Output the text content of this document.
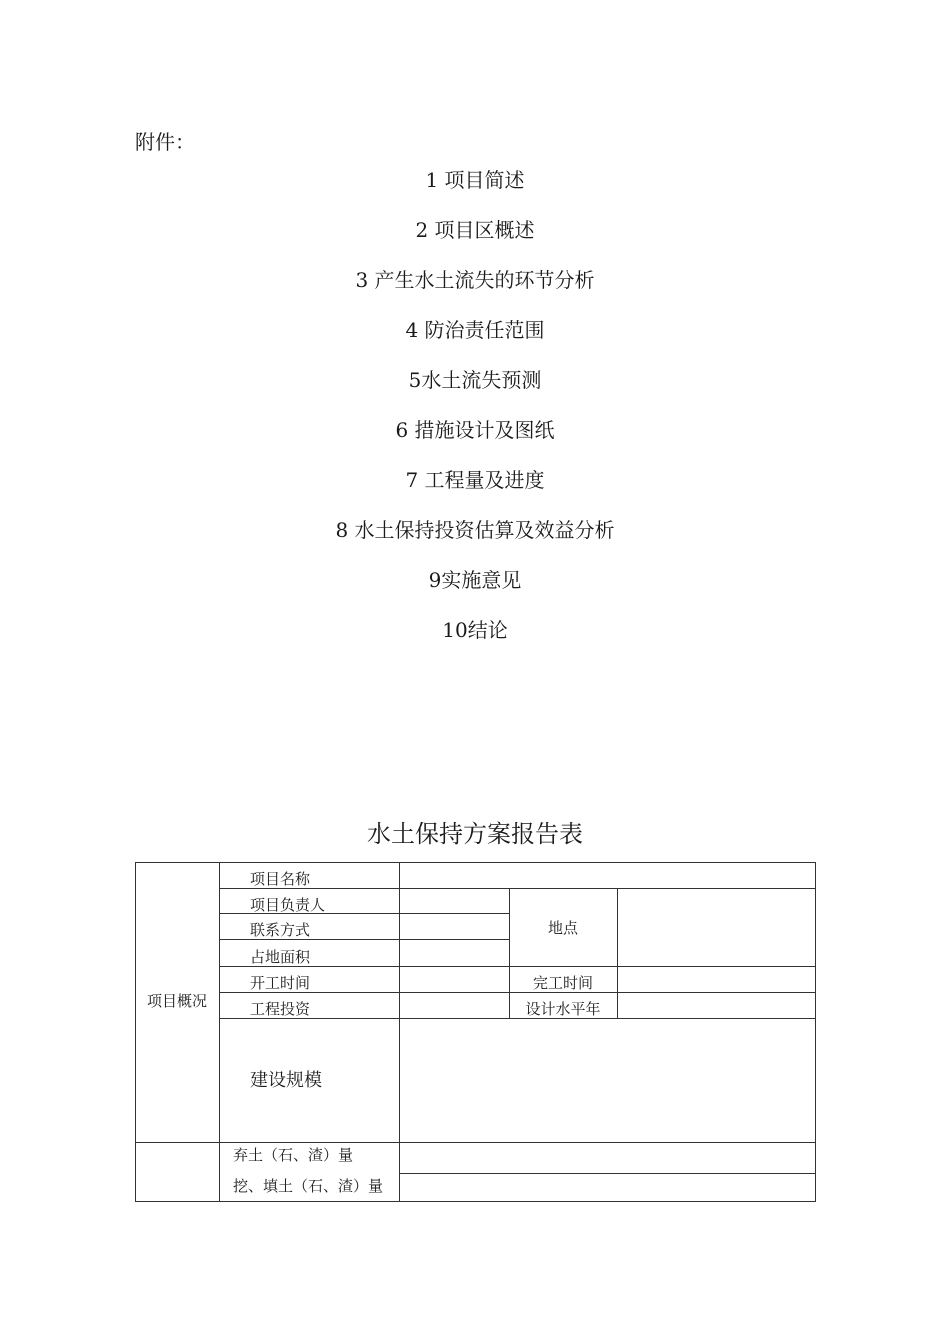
附件：
1 项目简述
2 项目区概述
3 产生水土流失的环节分析
4 防治责任范围
5水土流失预测
6 措施设计及图纸
7 工程量及进度
8 水土保持投资估算及效益分析
9实施意见
10结论
水土保持方案报告表
项目概况
项目名称
项目负责人
联系方式
占地面积
地点
开工时间	完工时间
工程投资	设计水平年
建设规模
弃土（石、渣）量
挖、填土（石、渣）量
